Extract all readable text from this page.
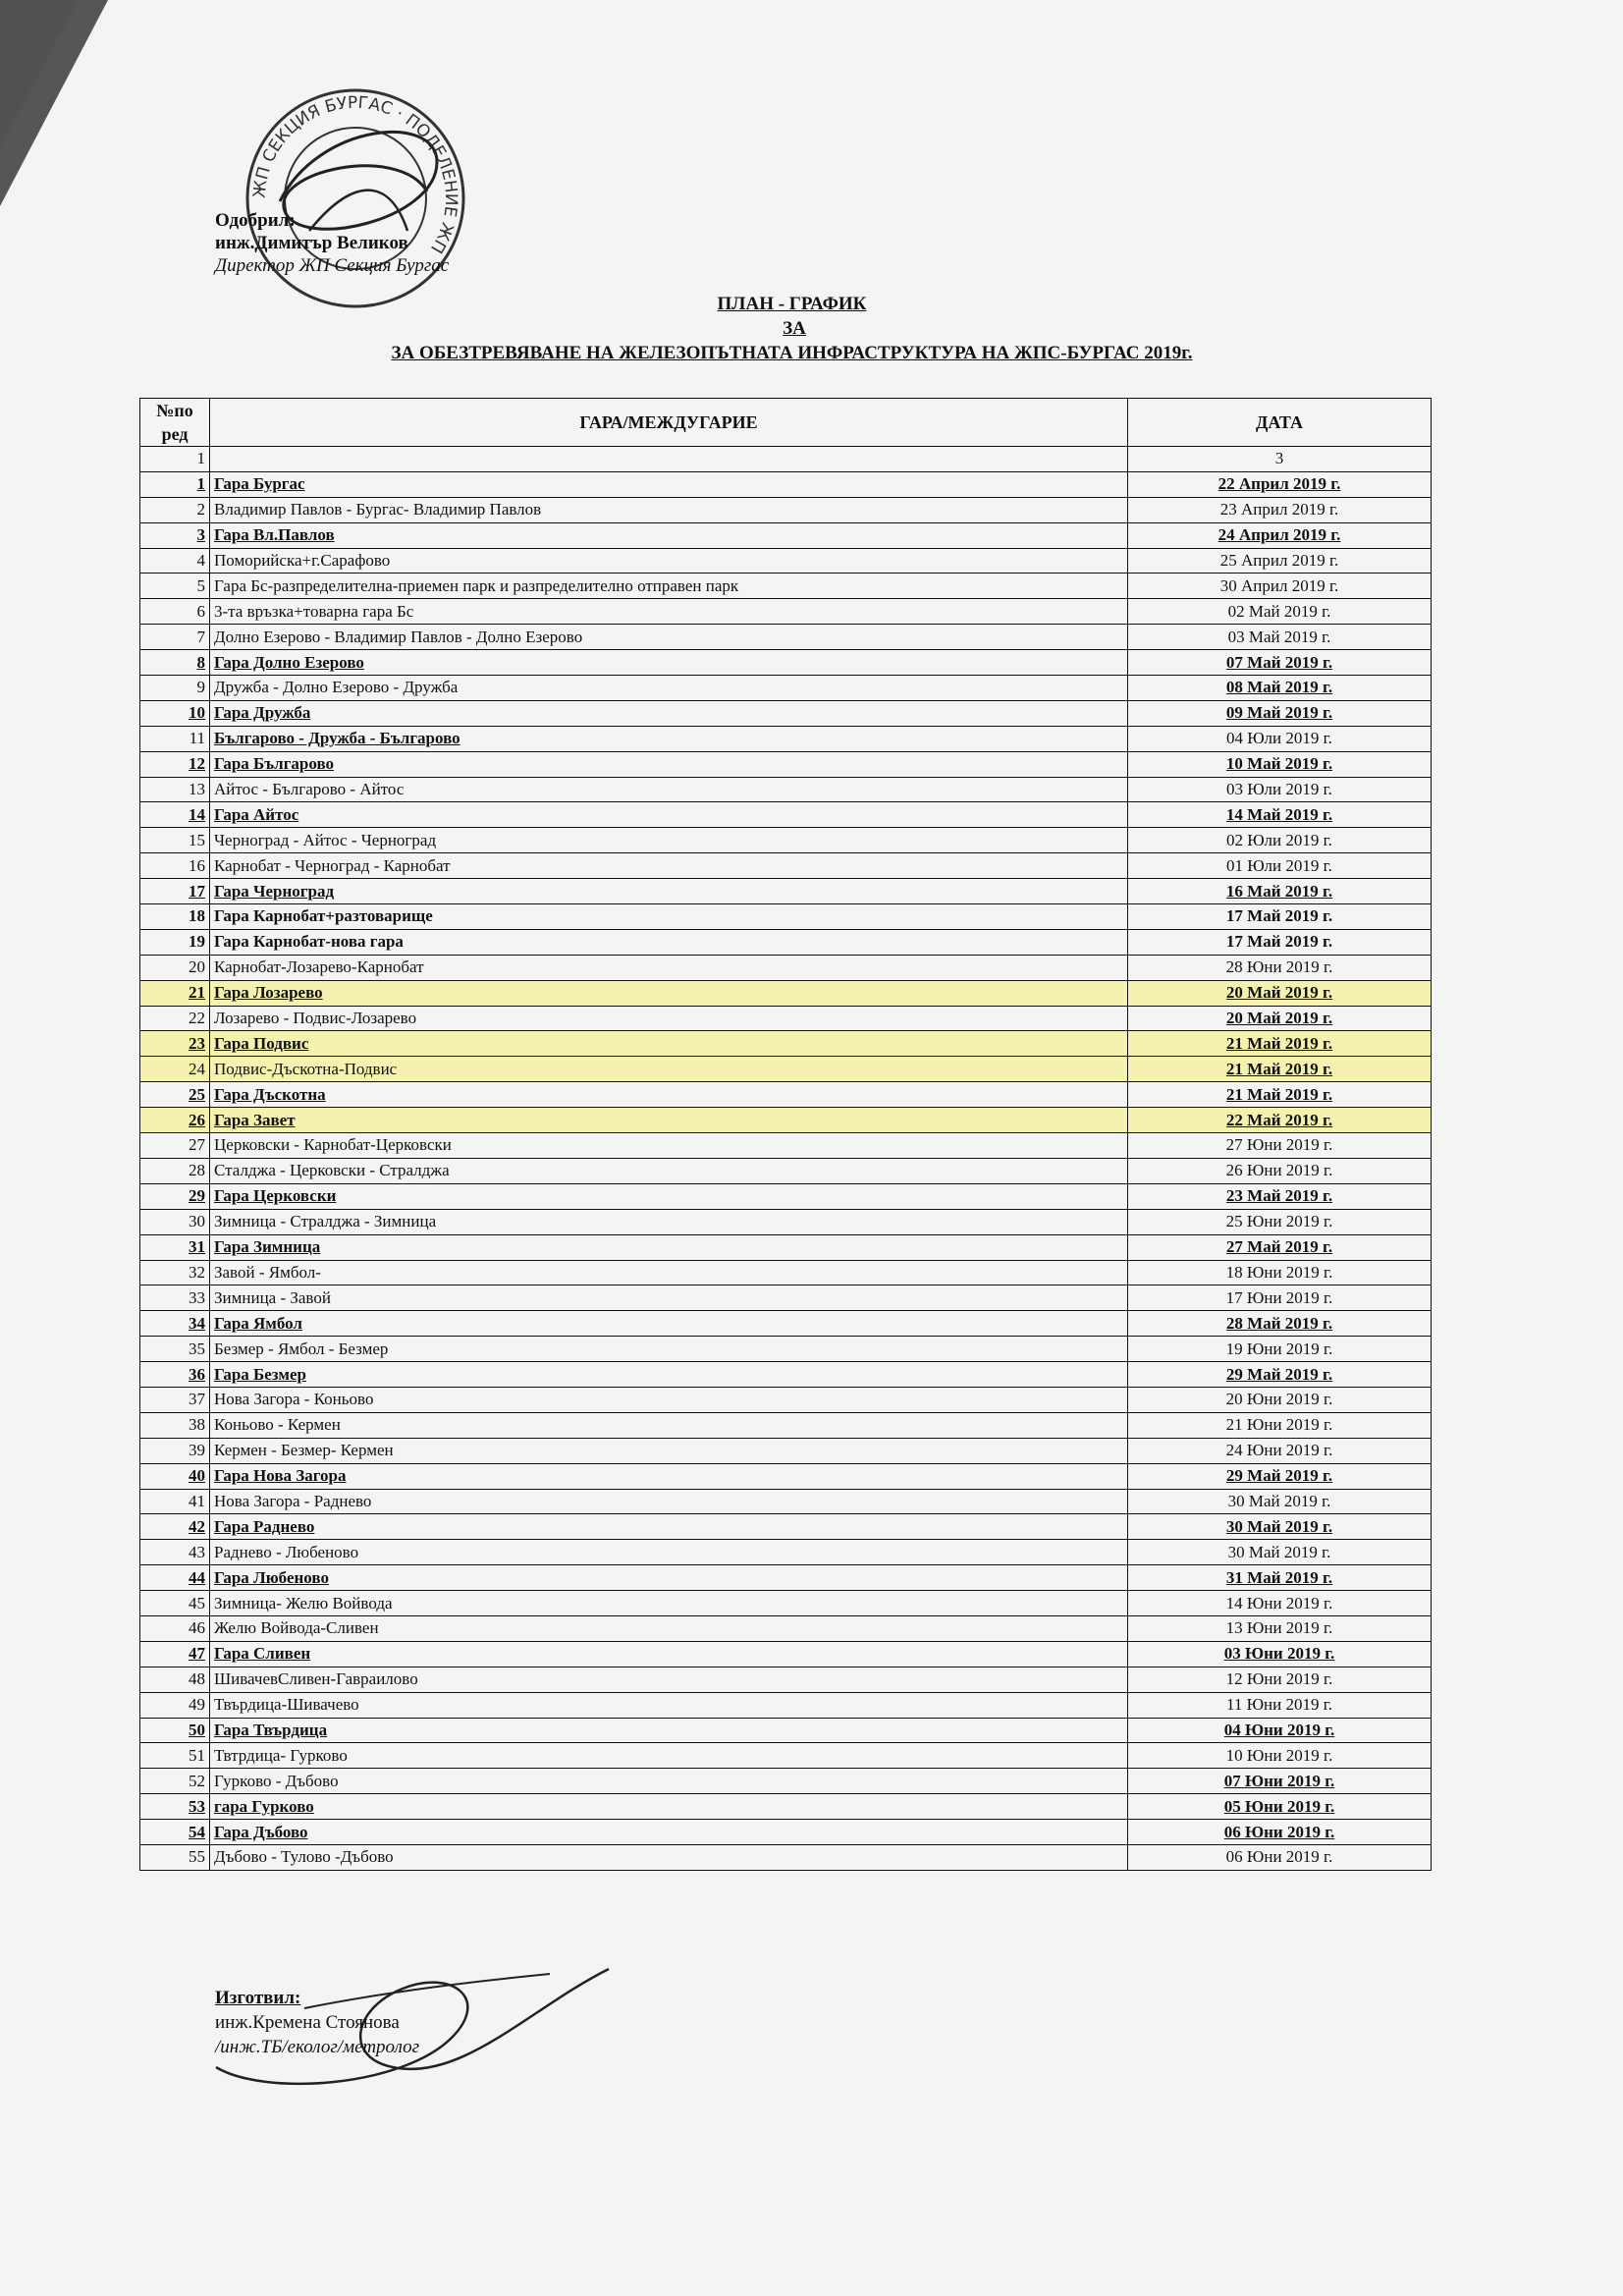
ЖП СЕКЦИЯ БУРГАС · ПОДЕЛЕНИЕ ЖП
Одобрил:
инж.Димитър Великов
Директор ЖП Секция Бургас
ПЛАН - ГРАФИК
ЗА
ЗА ОБЕЗТРЕВЯВАНЕ НА ЖЕЛЕЗОПЪТНАТА ИНФРАСТРУКТУРА НА ЖПС-БУРГАС 2019г.
№по ред	ГАРА/МЕЖДУГАРИЕ	ДАТА
1		3
1	Гара Бургас	22 Април 2019 г.
2	Владимир Павлов - Бургас- Владимир Павлов	23 Април 2019 г.
3	Гара Вл.Павлов	24 Април 2019 г.
4	Поморийска+г.Сарафово	25 Април 2019 г.
5	Гара Бс-разпределителна-приемен парк и разпределително отправен парк	30 Април 2019 г.
6	3-та връзка+товарна гара Бс	02 Май 2019 г.
7	Долно Езерово - Владимир Павлов - Долно Езерово	03 Май 2019 г.
8	Гара Долно Езерово	07 Май 2019 г.
9	Дружба - Долно Езерово - Дружба	08 Май 2019 г.
10	Гара Дружба	09 Май 2019 г.
11	Българово - Дружба - Българово	04 Юли 2019 г.
12	Гара Българово	10 Май 2019 г.
13	Айтос - Българово - Айтос	03 Юли 2019 г.
14	Гара Айтос	14 Май 2019 г.
15	Черноград - Айтос - Черноград	02 Юли 2019 г.
16	Карнобат - Черноград - Карнобат	01 Юли 2019 г.
17	Гара Черноград	16 Май 2019 г.
18	Гара Карнобат+разтоварище	17 Май 2019 г.
19	Гара Карнобат-нова гара	17 Май 2019 г.
20	Карнобат-Лозарево-Карнобат	28 Юни 2019 г.
21	Гара Лозарево	20 Май 2019 г.
22	Лозарево - Подвис-Лозарево	20 Май 2019 г.
23	Гара Подвис	21 Май 2019 г.
24	Подвис-Дъскотна-Подвис	21 Май 2019 г.
25	Гара Дъскотна	21 Май 2019 г.
26	Гара Завет	22 Май 2019 г.
27	Церковски - Карнобат-Церковски	27 Юни 2019 г.
28	Сталджа - Церковски - Стралджа	26 Юни 2019 г.
29	Гара Церковски	23 Май 2019 г.
30	Зимница - Стралджа - Зимница	25 Юни 2019 г.
31	Гара Зимница	27 Май 2019 г.
32	Завой - Ямбол-	18 Юни 2019 г.
33	Зимница - Завой	17 Юни 2019 г.
34	Гара Ямбол	28 Май 2019 г.
35	Безмер - Ямбол - Безмер	19 Юни 2019 г.
36	Гара Безмер	29 Май 2019 г.
37	Нова Загора - Коньово	20 Юни 2019 г.
38	Коньово - Кермен	21 Юни 2019 г.
39	Кермен - Безмер- Кермен	24 Юни 2019 г.
40	Гара Нова Загора	29 Май 2019 г.
41	Нова Загора - Раднево	30 Май 2019 г.
42	Гара Раднево	30 Май 2019 г.
43	Раднево - Любеново	30 Май 2019 г.
44	Гара Любеново	31 Май 2019 г.
45	Зимница- Желю Войвода	14 Юни 2019 г.
46	Желю Войвода-Сливен	13 Юни 2019 г.
47	Гара Сливен	03 Юни 2019 г.
48	ШивачевСливен-Гавраилово	12 Юни 2019 г.
49	Твърдица-Шивачево	11 Юни 2019 г.
50	Гара Твърдица	04 Юни 2019 г.
51	Твтрдица- Гурково	10 Юни 2019 г.
52	Гурково - Дъбово	07 Юни 2019 г.
53	гара Гурково	05 Юни 2019 г.
54	Гара Дъбово	06 Юни 2019 г.
55	Дъбово - Тулово -Дъбово	06 Юни 2019 г.
Изготвил:
инж.Кремена Стоянова
/инж.ТБ/еколог/метролог
